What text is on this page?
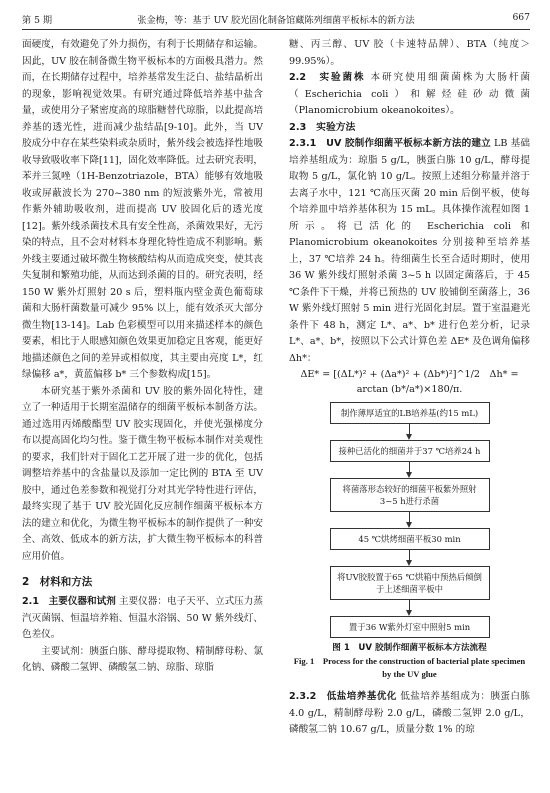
第 5 期	张金梅，等：基于 UV 胶光固化制备馆藏陈列细菌平板标本的新方法	667

面硬度，有效避免了外力损伤，有利于长期储存和运输。因此，UV 胶在制备微生物平板标本的方面极具潜力。然而，在长期储存过程中，培养基常发生泛白、盐结晶析出的现象，影响视觉效果。有研究通过降低培养基中盐含量，或使用分子紧密度高的琼脂糖替代琼脂，以此提高培养基的透光性，进而减少盐结晶[9-10]。此外，当 UV 胶成分中存在某些染料或杂质时，紫外线会被选择性地吸收导致吸收率下降[11]，固化效率降低。过去研究表明，苯并三氮唑（1H-Benzotriazole，BTA）能够有效地吸收或屏蔽波长为 270~380 nm 的短波紫外光，常被用作紫外辅助吸收剂，进而提高 UV 胶固化后的透光度[12]。紫外线杀菌技术具有安全性高，杀菌效果好，无污染的特点，且不会对材料本身理化特性造成不利影响。紫外线主要通过破坏微生物核酸结构从而造成突变，使其丧失复制和繁殖功能，从而达到杀菌的目的。研究表明，经 150 W 紫外灯照射 20 s 后，塑料瓶内壁金黄色葡萄球菌和大肠杆菌数量可减少 95% 以上，能有效杀灭大部分微生物[13-14]。Lab 色彩模型可以用来描述样本的颜色要素，相比于人眼感知颜色效果更加稳定且客观，能更好地描述颜色之间的差异或相似度，其主要由亮度 L*，红绿偏移 a*，黄蓝偏移 b* 三个参数构成[15]。

本研究基于紫外杀菌和 UV 胶的紫外固化特性，建立了一种适用于长期室温储存的细菌平板标本制备方法。通过选用丙烯酸酯型 UV 胶实现固化，并使光强梯度分布以提高固化均匀性。鉴于微生物平板标本制作对美观性的要求，我们针对于固化工艺开展了进一步的优化，包括调整培养基中的含盐量以及添加一定比例的 BTA 至 UV 胶中，通过色差参数和视觉打分对其光学特性进行评估，最终实现了基于 UV 胶光固化反应制作细菌平板标本方法的建立和优化，为微生物平板标本的制作提供了一种安全、高效、低成本的新方法，扩大微生物平板标本的科普应用价值。

2　材料和方法

2.1　主要仪器和试剂 主要仪器：电子天平、立式压力蒸汽灭菌锅、恒温培养箱、恒温水浴锅、50 W 紫外线灯、色差仪。

主要试剂：胰蛋白胨、酵母提取物、精制酵母粉、氯化钠、磷酸二氢钾、磷酸氢二钠、琼脂、琼脂

糖、丙三醇、UV 胶（卡速特品牌）、BTA（纯度＞99.95%）。

2.2　实验菌株 本研究使用细菌菌株为大肠杆菌（Escherichia coli）和解烃硅砂动微菌（Planomicrobium okeanokoites）。

2.3　实验方法

2.3.1　UV 胶制作细菌平板标本新方法的建立 LB 基础培养基组成为：琼脂 5 g/L，胰蛋白胨 10 g/L，酵母提取物 5 g/L，氯化钠 10 g/L。按照上述组分称量并溶于去离子水中，121 ℃高压灭菌 20 min 后倒平板，使每个培养皿中培养基体积为 15 mL。具体操作流程如图 1 所示。将已活化的 Escherichia coli 和 Planomicrobium okeanokoites 分别接种至培养基上，37 ℃培养 24 h。待细菌生长至合适时期时，使用 36 W 紫外线灯照射杀菌 3~5 h 以固定菌落后，于 45 ℃条件下干燥，并将已预热的 UV 胶铺倒至菌落上，36 W 紫外线灯照射 5 min 进行光固化封层。置于室温避光条件下 48 h，测定 L*、a*、b* 进行色差分析，记录 L*、a*、b*，按照以下公式计算色差 ΔE* 及色调角偏移 Δh*：

ΔE* = [(ΔL*)² + (Δa*)² + (Δb*)²]^1/2　Δh* =
arctan (b*/a*)×180/π.
制作薄厚适宜的LB培养基(约15 mL)
接种已活化的细菌并于37 ℃培养24 h
将菌落形态较好的细菌平板紫外照射3~5 h进行杀菌
45 ℃烘烤细菌平板30 min
将UV胶胶置于65 ℃烘箱中预热后倾倒于上述细菌平板中
置于36 W紫外灯室中照射5 min
图 1　UV 胶制作细菌平板标本方法流程
Fig. 1　Process for the construction of bacterial plate specimen
by the UV glue

2.3.2　低盐培养基优化 低盐培养基组成为：胰蛋白胨 4.0 g/L，精制酵母粉 2.0 g/L，磷酸二氢钾 2.0 g/L，磷酸氢二钠 10.67 g/L，质量分数 1% 的琼
